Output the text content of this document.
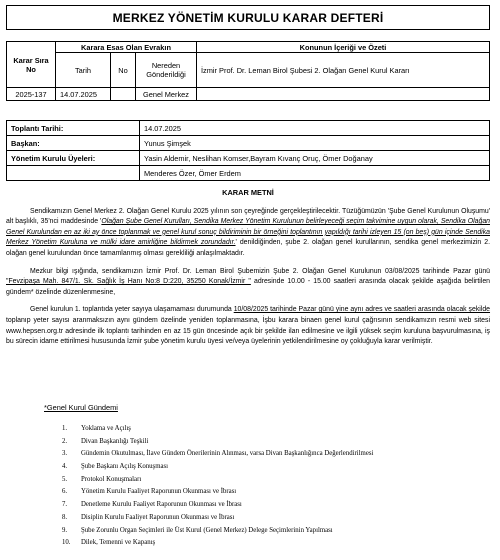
MERKEZ YÖNETİM KURULU KARAR DEFTERİ
Karar Sıra No	Karara Esas Olan Evrakın			Konunun İçeriği ve Özeti
	Tarih	No	Nereden Gönderildiği	İzmir Prof. Dr. Leman Birol Şubesi 2. Olağan Genel Kurul Kararı
2025-137	14.07.2025		Genel Merkez	
Toplantı Tarihi:	14.07.2025
Başkan:	Yunus Şimşek
Yönetim Kurulu Üyeleri:	Yasin Aldemir, Neslihan Komser,Bayram Kıvanç Oruç, Ömer Doğanay
	Menderes Özer, Ömer Erdem
KARAR METNİ

Sendikamızın Genel Merkez 2. Olağan Genel Kurulu 2025 yılının son çeyreğinde gerçekleştirilecektir. Tüzüğümüzün 'Şube Genel Kurulunun Oluşumu' alt başlıklı, 35'nci maddesinde 'Olağan Şube Genel Kurulları, Sendika Merkez Yönetim Kurulunun belirleyeceği seçim takvimine uygun olarak, Sendika Olağan Genel Kurulundan en az iki ay önce toplanmak ve genel kurul sonuç bildiriminin bir örneğini toplantının yapıldığı tarihi izleyen 15 (on beş) gün içinde Sendika Merkez Yönetim Kuruluna ve mülki idare amirliğine bildirmek zorundadır.' denildiğinden, şube 2. olağan genel kurullarının, sendika genel merkezimizin 2. olağan genel kurulundan önce tamamlanmış olması gerekliliği anlaşılmaktadır.

Mezkur bilgi ışığında, sendikamızın İzmir Prof. Dr. Leman Birol Şubemizin Şube 2. Olağan Genel Kurulunun 03/08/2025 tarihinde Pazar günü "Fevzipaşa Mah. 847/1. Sk. Sağlık İş Hanı No:8 D:220, 35250 Konak/İzmir " adresinde 10.00 - 15.00 saatleri arasında olacak şekilde aşağıda belirtilen gündem* özelinde düzenlenmesine,

Genel kurulun 1. toplantıda yeter sayıya ulaşamaması durumunda 10/08/2025 tarihinde Pazar günü yine aynı adres ve saatleri arasında olacak şekilde toplanıp yeter sayısı aranmaksızın aynı gündem özelinde yeniden toplanmasına, İşbu karara binaen genel kurul çağrısının sendikamızın resmi web sitesi www.hepsen.org.tr adresinde ilk toplantı tarihinden en az 15 gün öncesinde açık bir şekilde ilan edilmesine ve ilgili yüksek seçim kuruluna başvurulmasına, iş bu sürecin idame ettirilmesi hususunda İzmir şube yönetim kurulu üyesi ve/veya üyelerinin yetkilendirilmesine oy çokluğuyla karar verilmiştir.

*Genel Kurul Gündemi
1. Yoklama ve Açılış
2. Divan Başkanlığı Teşkili
3. Gündemin Okutulması, İlave Gündem Önerilerinin Alınması, varsa Divan Başkanlığınca Değerlendirilmesi
4. Şube Başkanı Açılış Konuşması
5. Protokol Konuşmaları
6. Yönetim Kurulu Faaliyet Raporunun Okunması ve İbrası
7. Denetleme Kurulu Faaliyet Raporunun Okunması ve İbrası
8. Disiplin Kurulu Faaliyet Raporunun Okunması ve İbrası
9. Şube Zorunlu Organ Seçimleri ile Üst Kurul (Genel Merkez) Delege Seçimlerinin Yapılması
10. Dilek, Temenni ve Kapanış
